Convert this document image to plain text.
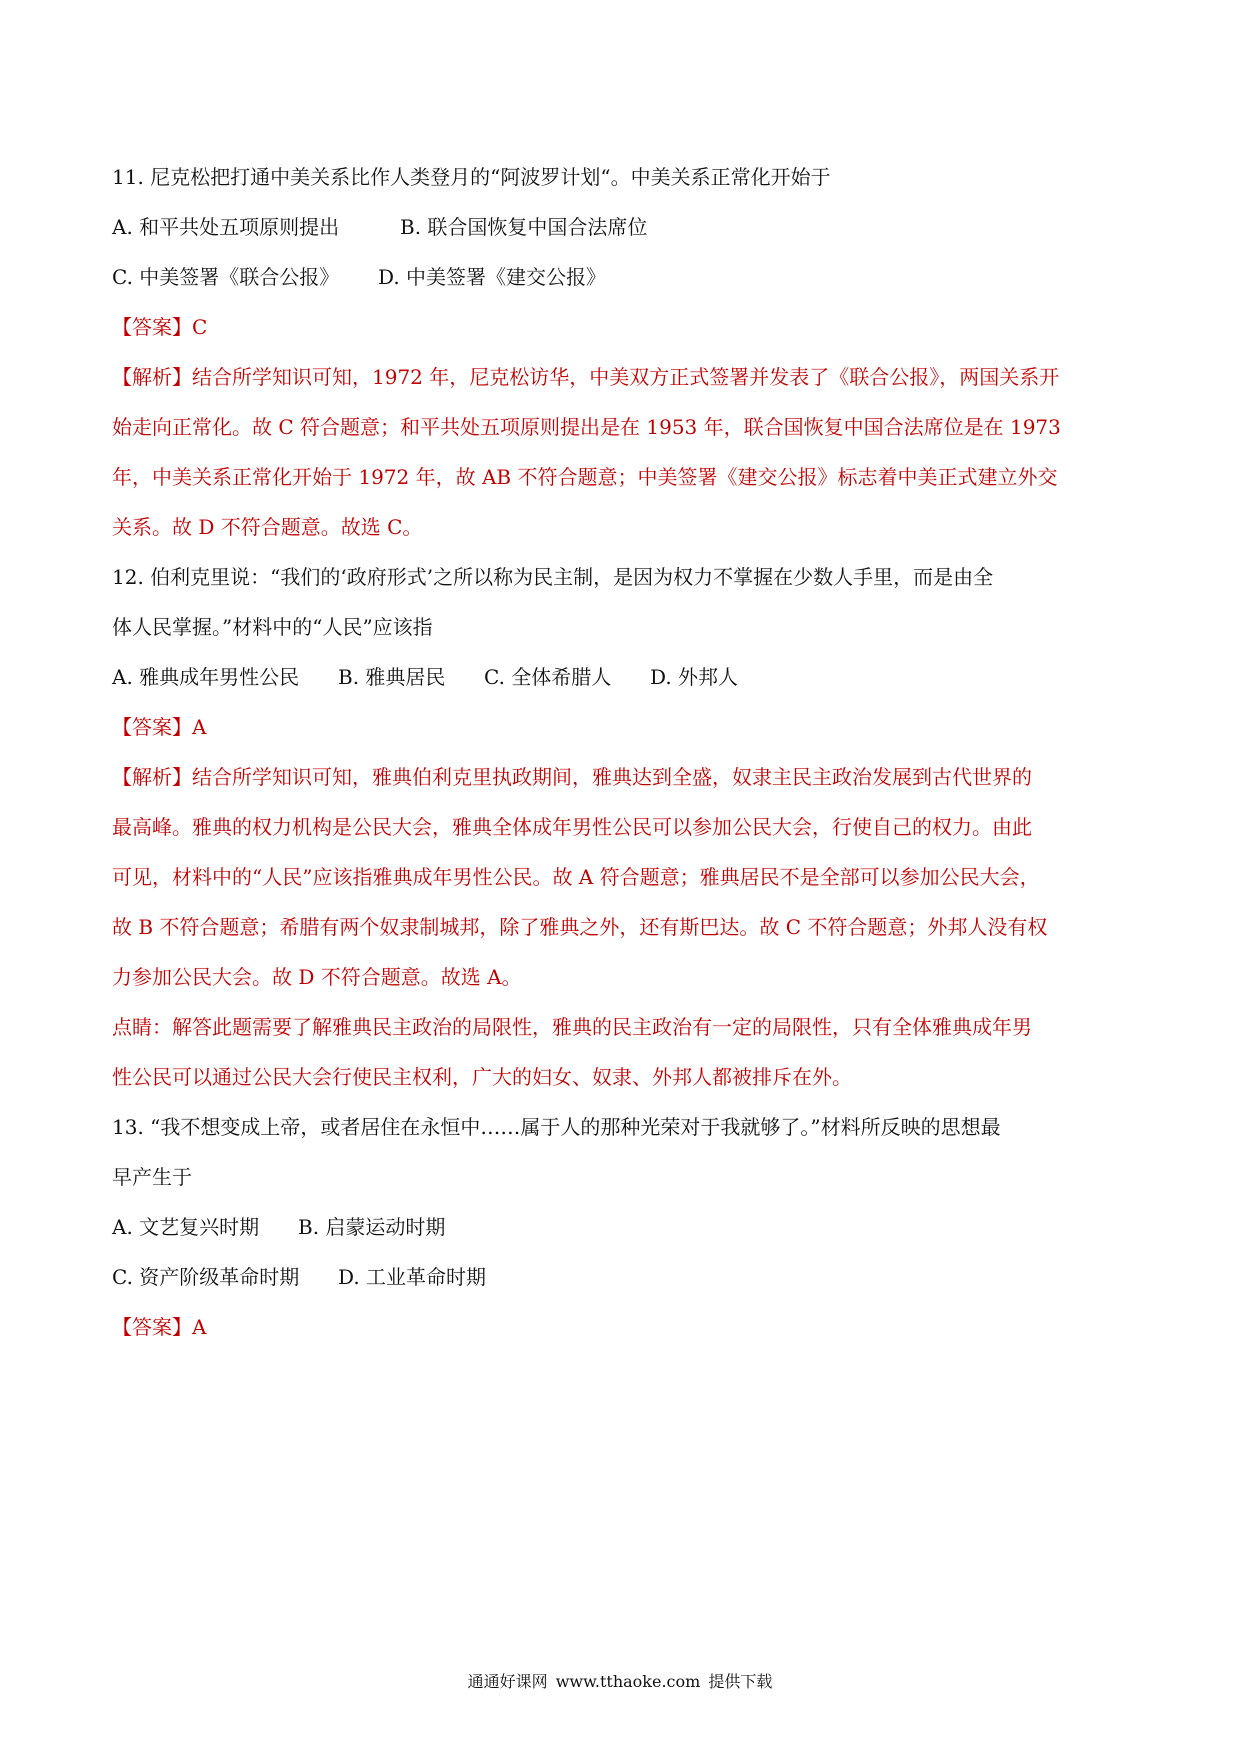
11. 尼克松把打通中美关系比作人类登月的“阿波罗计划“。中美关系正常化开始于

A. 和平共处五项原则提出	B. 联合国恢复中国合法席位
C. 中美签署《联合公报》	D. 中美签署《建交公报》

【答案】C

【解析】结合所学知识可知，1972 年，尼克松访华，中美双方正式签署并发表了《联合公报》，两国关系开

始走向正常化。故 C 符合题意；和平共处五项原则提出是在 1953 年，联合国恢复中国合法席位是在 1973

年，中美关系正常化开始于 1972 年，故 AB 不符合题意；中美签署《建交公报》标志着中美正式建立外交

关系。故 D 不符合题意。故选 C。

12. 伯利克里说：“我们的‘政府形式’之所以称为民主制，是因为权力不掌握在少数人手里，而是由全

体人民掌握。”材料中的“人民”应该指

A. 雅典成年男性公民	B. 雅典居民	C. 全体希腊人	D. 外邦人

【答案】A

【解析】结合所学知识可知，雅典伯利克里执政期间，雅典达到全盛，奴隶主民主政治发展到古代世界的

最高峰。雅典的权力机构是公民大会，雅典全体成年男性公民可以参加公民大会，行使自己的权力。由此

可见，材料中的“人民”应该指雅典成年男性公民。故 A 符合题意；雅典居民不是全部可以参加公民大会，

故 B 不符合题意；希腊有两个奴隶制城邦，除了雅典之外，还有斯巴达。故 C 不符合题意；外邦人没有权

力参加公民大会。故 D 不符合题意。故选 A。

点睛：解答此题需要了解雅典民主政治的局限性，雅典的民主政治有一定的局限性，只有全体雅典成年男

性公民可以通过公民大会行使民主权利，广大的妇女、奴隶、外邦人都被排斥在外。

13. “我不想变成上帝，或者居住在永恒中……属于人的那种光荣对于我就够了。”材料所反映的思想最

早产生于

A. 文艺复兴时期	B. 启蒙运动时期
C. 资产阶级革命时期	D. 工业革命时期

【答案】A

通通好课网 www.tthaoke.com 提供下载
